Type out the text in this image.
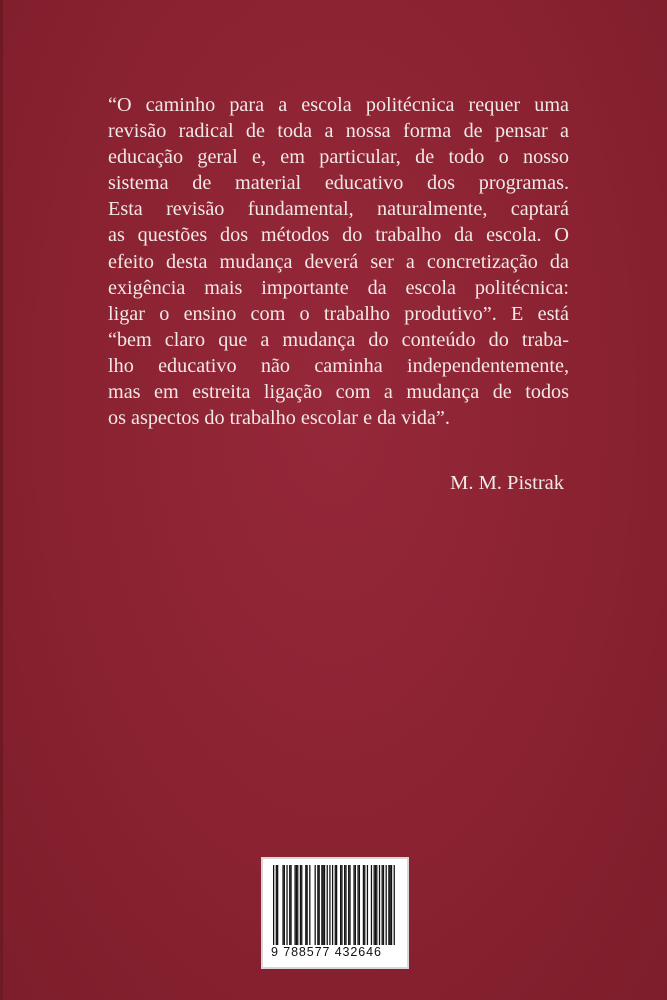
“O caminho para a escola politécnica requer uma
revisão radical de toda a nossa forma de pensar a
educação geral e, em particular, de todo o nosso
sistema de material educativo dos programas.
Esta revisão fundamental, naturalmente, captará
as questões dos métodos do trabalho da escola. O
efeito desta mudança deverá ser a concretização da
exigência mais importante da escola politécnica:
ligar o ensino com o trabalho produtivo”. E está
“bem claro que a mudança do conteúdo do traba-
lho educativo não caminha independentemente,
mas em estreita ligação com a mudança de todos
os aspectos do trabalho escolar e da vida”.

M. M. Pistrak
9 788577 432646
